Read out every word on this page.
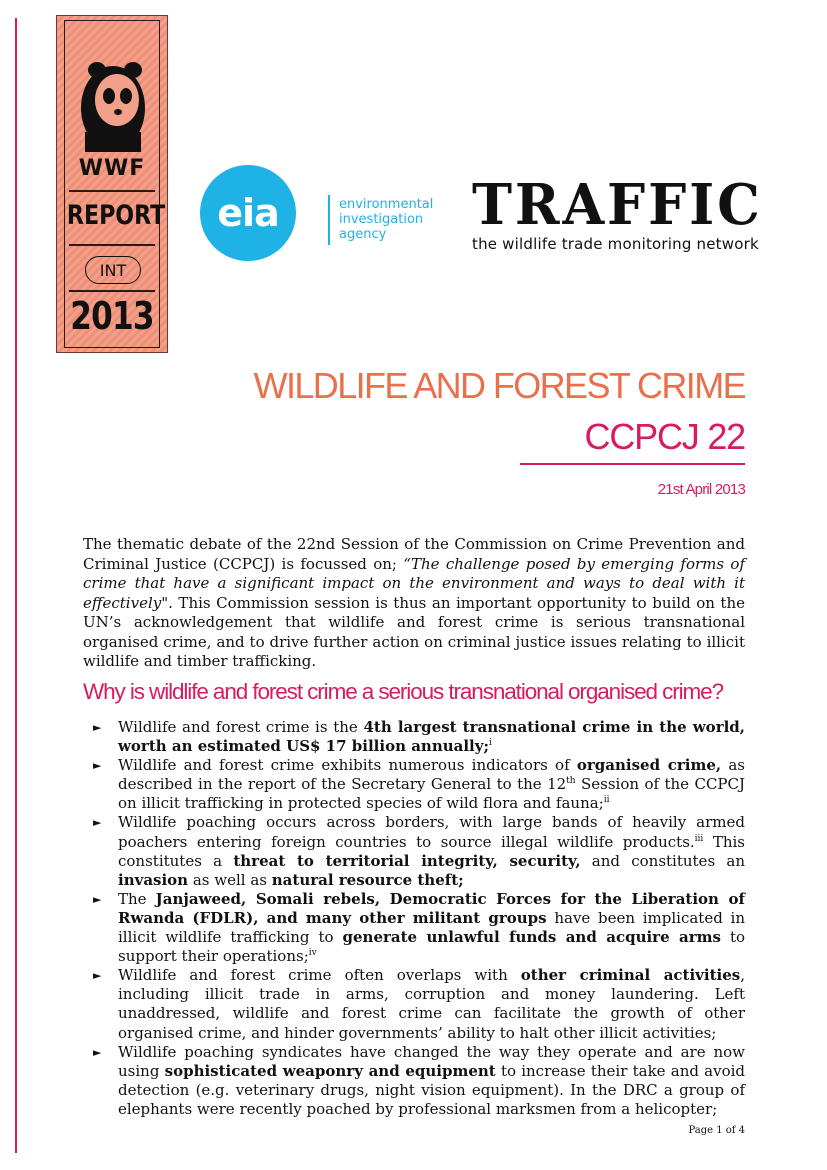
WWF
REPORT
INT
2013
eia	environmental
investigation
agency	TRAFFIC
the wildlife trade monitoring network
WILDLIFE AND FOREST CRIME
CCPCJ 22
21st April 2013
The thematic debate of the 22nd Session of the Commission on Crime Prevention and Criminal Justice (CCPCJ) is focussed on; “The challenge posed by emerging forms of crime that have a significant impact on the environment and ways to deal with it effectively". This Commission session is thus an important opportunity to build on the UN’s acknowledgement that wildlife and forest crime is serious transnational organised crime, and to drive further action on criminal justice issues relating to illicit wildlife and timber trafficking.
Why is wildlife and forest crime a serious transnational organised crime?
► Wildlife and forest crime is the 4th largest transnational crime in the world, worth an estimated US$ 17 billion annually;$^i$
► Wildlife and forest crime exhibits numerous indicators of organised crime, as described in the report of the Secretary General to the 12th Session of the CCPCJ on illicit trafficking in protected species of wild flora and fauna;$^{ii}$
► Wildlife poaching occurs across borders, with large bands of heavily armed poachers entering foreign countries to source illegal wildlife products.$^{iii}$ This constitutes a threat to territorial integrity, security, and constitutes an invasion as well as natural resource theft;
► The Janjaweed, Somali rebels, Democratic Forces for the Liberation of Rwanda (FDLR), and many other militant groups have been implicated in illicit wildlife trafficking to generate unlawful funds and acquire arms to support their operations;$^{iv}$
► Wildlife and forest crime often overlaps with other criminal activities, including illicit trade in arms, corruption and money laundering. Left unaddressed, wildlife and forest crime can facilitate the growth of other organised crime, and hinder governments’ ability to halt other illicit activities;
► Wildlife poaching syndicates have changed the way they operate and are now using sophisticated weaponry and equipment to increase their take and avoid detection (e.g. veterinary drugs, night vision equipment). In the DRC a group of elephants were recently poached by professional marksmen from a helicopter;
Page 1 of 4
